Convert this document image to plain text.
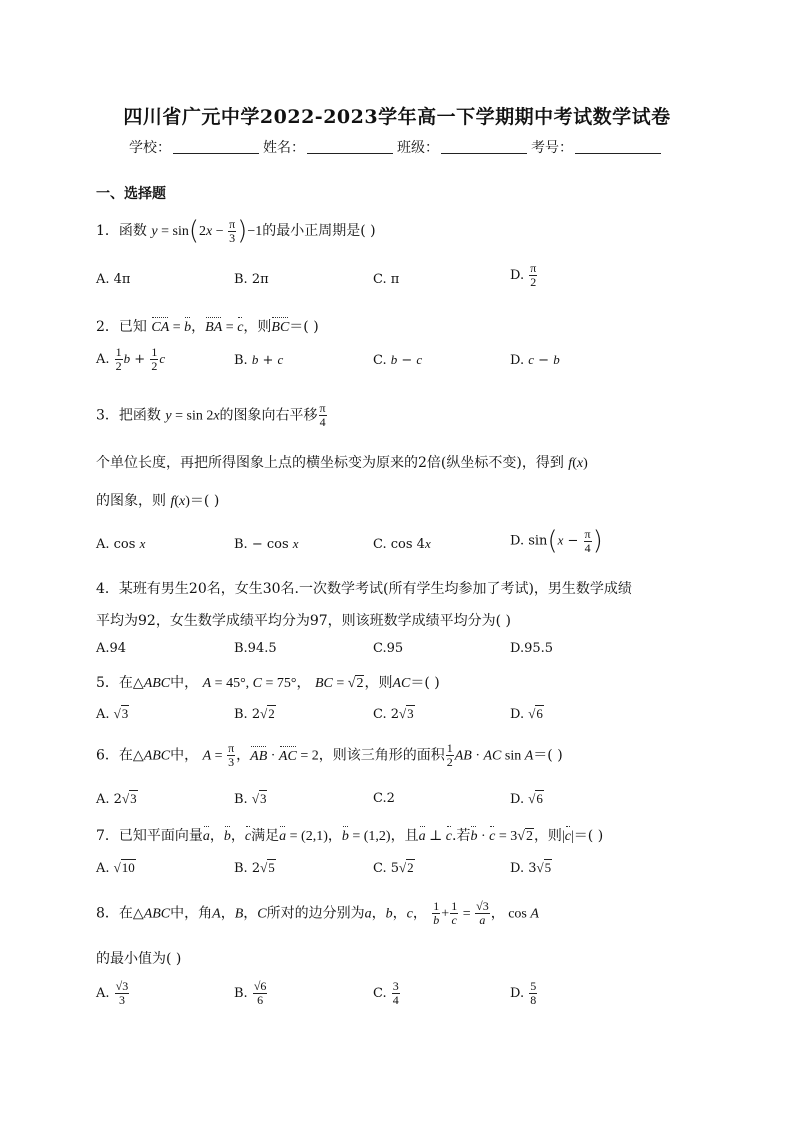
四川省广元中学2022-2023学年高一下学期期中考试数学试卷
学校：	姓名：	班级：	考号：
一、选择题
1．函数 $y = \sin(2x - \frac{\pi}{3} )-1$的最小正周期是( )
A. 4π	B. 2π	C. π	D. $\frac{\pi}{2}$
2．已知 CA = b，BA = c，则BC＝( )
A. $\frac{1}{2}$ $b + \frac{1}{2}$ c	B. b + c	C. b − c	D. c − b
3．把函数 y = sin 2x的图象向右平移 $\frac{\pi}{4}$
个单位长度，再把所得图象上点的横坐标变为原来的2倍(纵坐标不变)，得到 f(x)
的图象，则 f(x)＝( )
A. cos x	B. − cos x	C. cos 4x	D. $\sin(x - \frac{\pi}{4}$ )
4．某班有男生20名，女生30名.一次数学考试(所有学生均参加了考试)，男生数学成绩
平均为92，女生数学成绩平均分为97，则该班数学成绩平均分为( )
A.94	B.94.5	C.95	D.95.5
5．在△ABC中， A = 45°, C = 75°， BC = √2，则AC＝( )
A. √3	B. 2√2	C. 2√3	D. √6
6．在△ABC中， $A = \frac{\pi}{3}$ ，AB · AC = 2，则该三角形的面积 $\frac{1}{2}$ AB · AC sin A＝( )
A. 2√3	B. √3	C.2	D. √6
7．已知平面向量a，b，c满足a = (2,1)，b = (1,2)，且a ⊥ c.若b · c = 3√2，则|c|＝( )
A. √10	B. 2√5	C. 5√2	D. 3√5
8．在△ABC中，角A，B，C所对的边分别为a，b，c， $\frac{1}{b} + \frac{1}{c} = \frac{√3}{a}$ ， cos A
的最小值为( )
A. $\frac{√3}{3}$	B. $\frac{√6}{6}$	C. $\frac{3}{4}$	D. $\frac{5}{8}$
